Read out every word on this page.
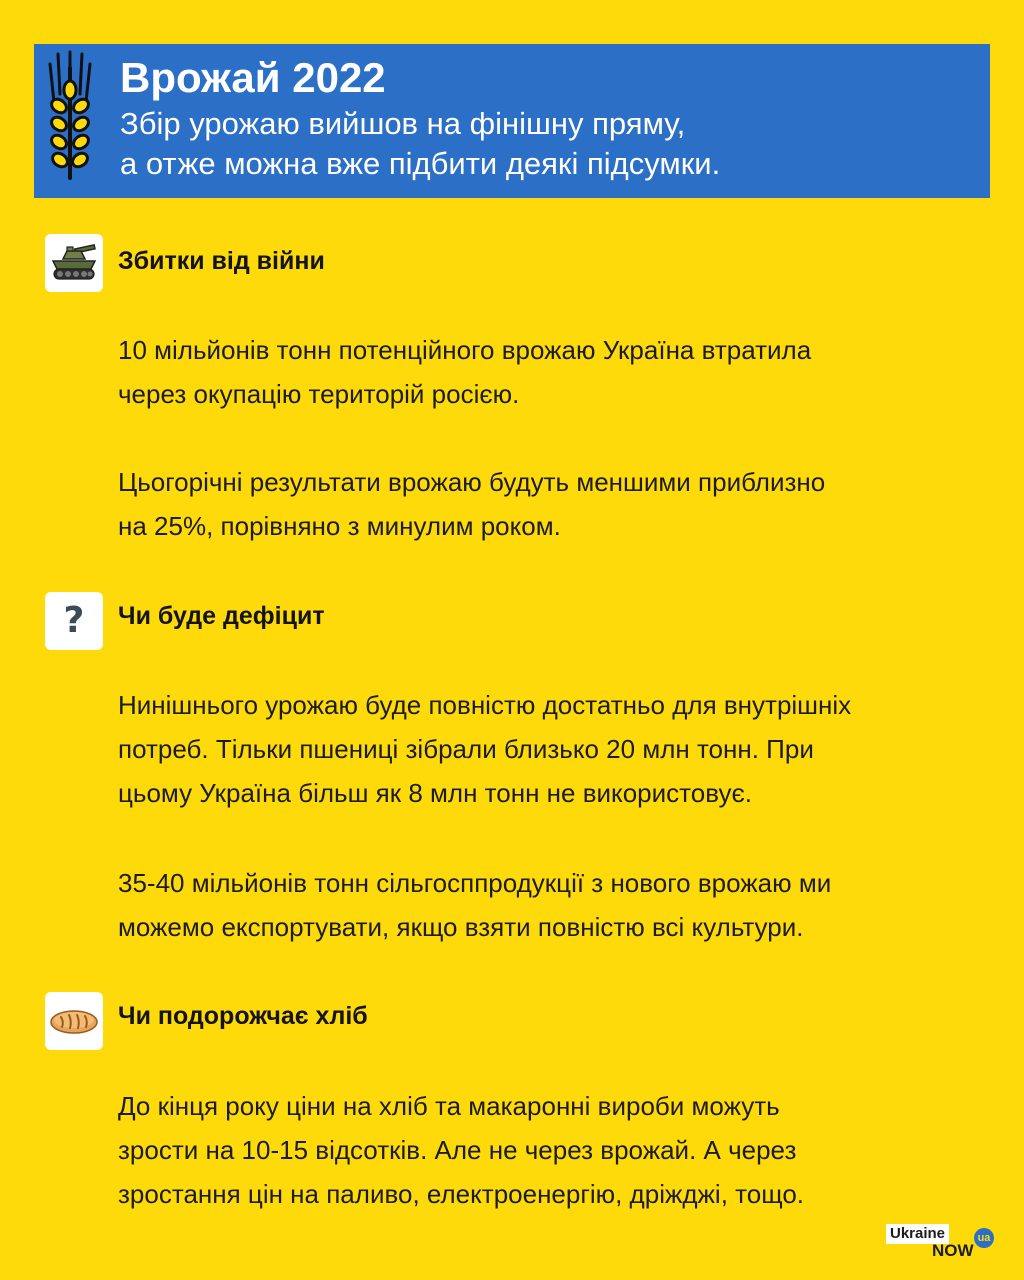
Врожай 2022
Збір урожаю вийшов на фінішну пряму,
а отже можна вже підбити деякі підсумки.
Збитки від війни
10 мільйонів тонн потенційного врожаю Україна втратила
через окупацію територій росією.
Цьогорічні результати врожаю будуть меншими приблизно
на 25%, порівняно з минулим роком.
? Чи буде дефіцит
Нинішнього урожаю буде повністю достатньо для внутрішніх
потреб. Тільки пшениці зібрали близько 20 млн тонн. При
цьому Україна більш як 8 млн тонн не використовує.
35-40 мільйонів тонн сільгосппродукції з нового врожаю ми
можемо експортувати, якщо взяти повністю всі культури.
Чи подорожчає хліб
До кінця року ціни на хліб та макаронні вироби можуть
зрости на 10-15 відсотків. Але не через врожай. А через
зростання цін на паливо, електроенергію, дріжджі, тощо.
Ukraine
NOW
ua
